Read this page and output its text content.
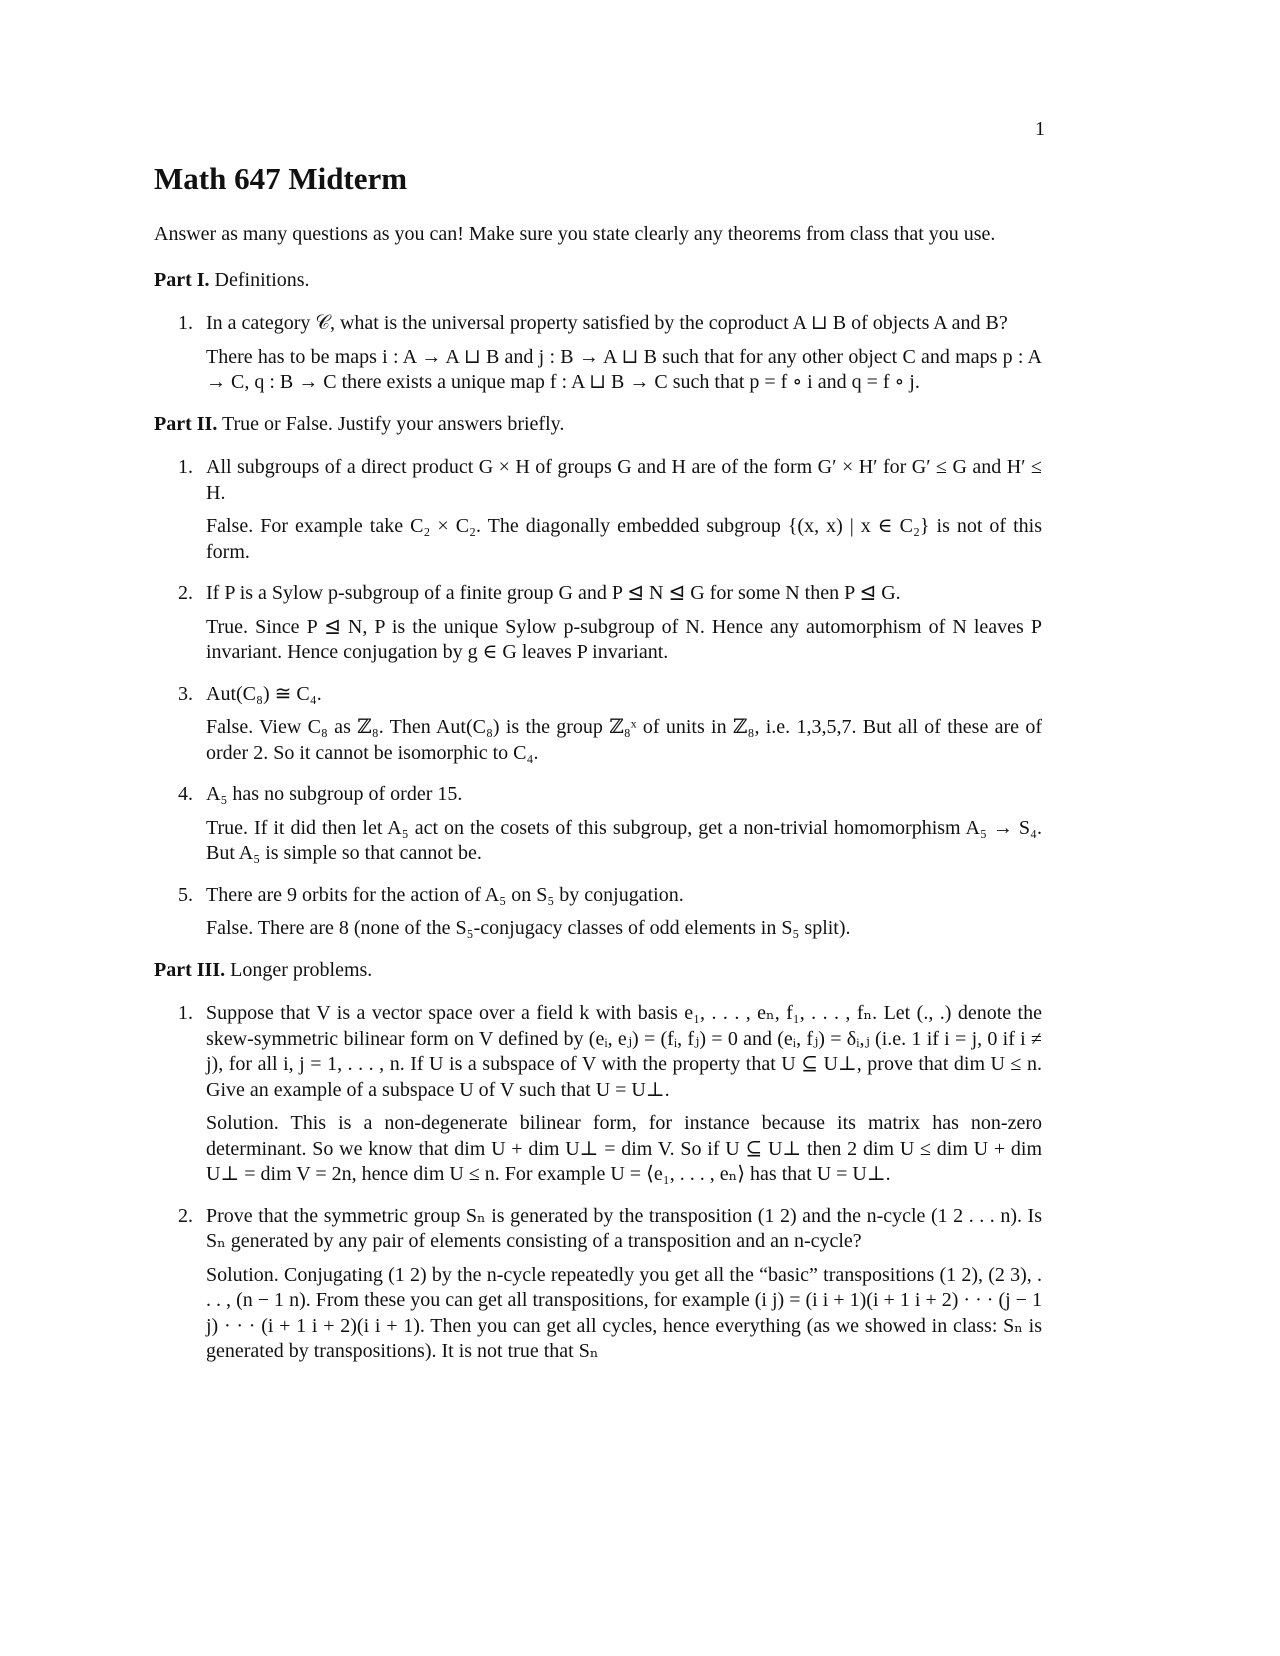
1
Math 647 Midterm

Answer as many questions as you can! Make sure you state clearly any theorems from class that you use.

Part I. Definitions.

1. In a category 𝒞, what is the universal property satisfied by the coproduct A ⊔ B of objects A and B?

There has to be maps i : A → A ⊔ B and j : B → A ⊔ B such that for any other object C and maps p : A → C, q : B → C there exists a unique map f : A ⊔ B → C such that p = f ∘ i and q = f ∘ j.

Part II. True or False. Justify your answers briefly.

1. All subgroups of a direct product G × H of groups G and H are of the form G′ × H′ for G′ ≤ G and H′ ≤ H.

False. For example take C₂ × C₂. The diagonally embedded subgroup {(x, x) | x ∈ C₂} is not of this form.

2. If P is a Sylow p-subgroup of a finite group G and P ⊴ N ⊴ G for some N then P ⊴ G.

True. Since P ⊴ N, P is the unique Sylow p-subgroup of N. Hence any automorphism of N leaves P invariant. Hence conjugation by g ∈ G leaves P invariant.

3. Aut(C₈) ≅ C₄.

False. View C₈ as ℤ₈. Then Aut(C₈) is the group ℤ₈ˣ of units in ℤ₈, i.e. 1,3,5,7. But all of these are of order 2. So it cannot be isomorphic to C₄.

4. A₅ has no subgroup of order 15.

True. If it did then let A₅ act on the cosets of this subgroup, get a non-trivial homomorphism A₅ → S₄. But A₅ is simple so that cannot be.

5. There are 9 orbits for the action of A₅ on S₅ by conjugation.

False. There are 8 (none of the S₅-conjugacy classes of odd elements in S₅ split).

Part III. Longer problems.

1. Suppose that V is a vector space over a field k with basis e₁, . . . , eₙ, f₁, . . . , fₙ. Let (., .) denote the skew-symmetric bilinear form on V defined by (eᵢ, eⱼ) = (fᵢ, fⱼ) = 0 and (eᵢ, fⱼ) = δᵢ,ⱼ (i.e. 1 if i = j, 0 if i ≠ j), for all i, j = 1, . . . , n. If U is a subspace of V with the property that U ⊆ U⊥, prove that dim U ≤ n. Give an example of a subspace U of V such that U = U⊥.

Solution. This is a non-degenerate bilinear form, for instance because its matrix has non-zero determinant. So we know that dim U + dim U⊥ = dim V. So if U ⊆ U⊥ then 2 dim U ≤ dim U + dim U⊥ = dim V = 2n, hence dim U ≤ n. For example U = ⟨e₁, . . . , eₙ⟩ has that U = U⊥.

2. Prove that the symmetric group Sₙ is generated by the transposition (1 2) and the n-cycle (1 2 . . . n). Is Sₙ generated by any pair of elements consisting of a transposition and an n-cycle?

Solution. Conjugating (1 2) by the n-cycle repeatedly you get all the “basic” transpositions (1 2), (2 3), . . . , (n − 1 n). From these you can get all transpositions, for example (i j) = (i i + 1)(i + 1 i + 2) · · · (j − 1 j) · · · (i + 1 i + 2)(i i + 1). Then you can get all cycles, hence everything (as we showed in class: Sₙ is generated by transpositions). It is not true that Sₙ
